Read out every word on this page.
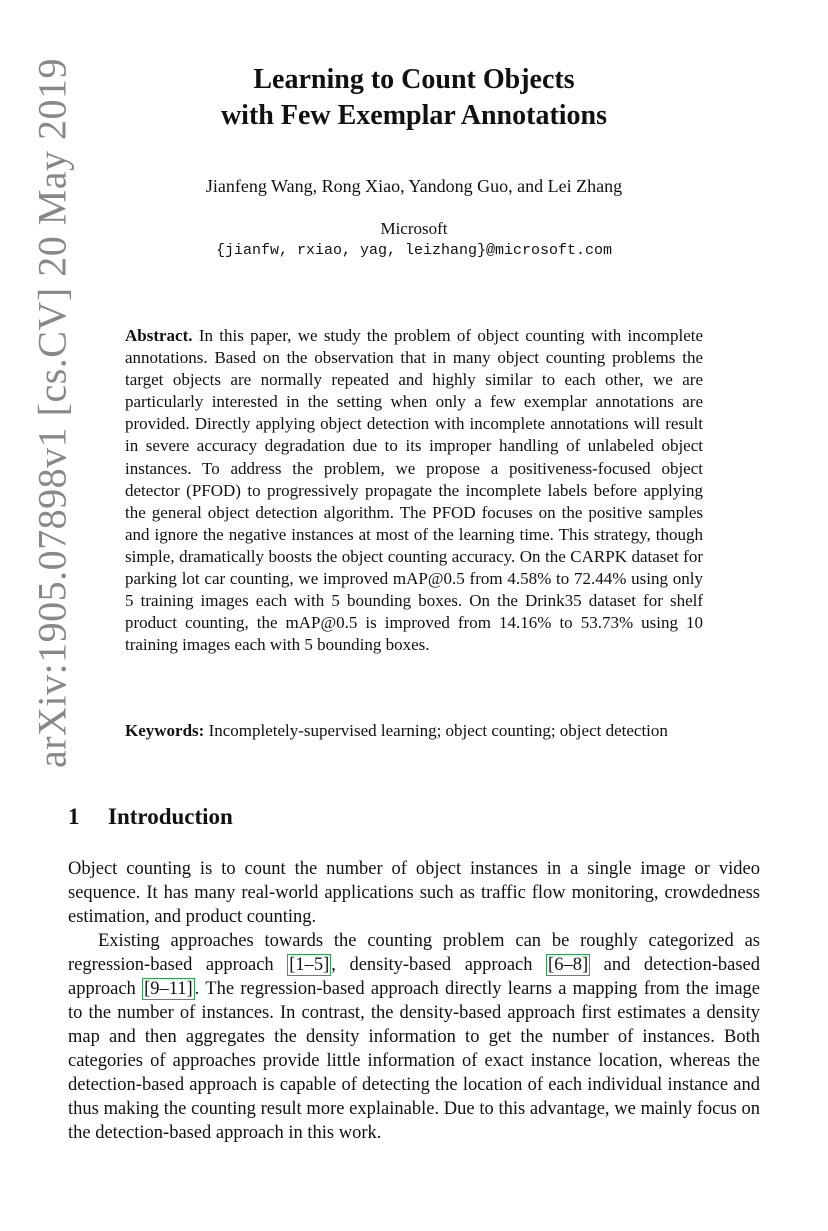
arXiv:1905.07898v1 [cs.CV] 20 May 2019	Learning to Count Objects
with Few Exemplar Annotations
Jianfeng Wang, Rong Xiao, Yandong Guo, and Lei Zhang
Microsoft
{jianfw, rxiao, yag, leizhang}@microsoft.com
Abstract. In this paper, we study the problem of object counting with incomplete annotations. Based on the observation that in many object counting problems the target objects are normally repeated and highly similar to each other, we are particularly interested in the setting when only a few exemplar annotations are provided. Directly applying object detection with incomplete annotations will result in severe accuracy degradation due to its improper handling of unlabeled object instances. To address the problem, we propose a positiveness-focused object detector (PFOD) to progressively propagate the incomplete labels before applying the general object detection algorithm. The PFOD focuses on the positive samples and ignore the negative instances at most of the learning time. This strategy, though simple, dramatically boosts the object counting accuracy. On the CARPK dataset for parking lot car counting, we improved mAP@0.5 from 4.58% to 72.44% using only 5 training images each with 5 bounding boxes. On the Drink35 dataset for shelf product counting, the mAP@0.5 is improved from 14.16% to 53.73% using 10 training images each with 5 bounding boxes.
Keywords: Incompletely-supervised learning; object counting; object detection
1 Introduction

Object counting is to count the number of object instances in a single image or video sequence. It has many real-world applications such as traffic flow monitoring, crowdedness estimation, and product counting.

Existing approaches towards the counting problem can be roughly categorized as regression-based approach [1–5] , density-based approach [6–8] and detection-based approach [9–11] . The regression-based approach directly learns a mapping from the image to the number of instances. In contrast, the density-based approach first estimates a density map and then aggregates the density information to get the number of instances. Both categories of approaches provide little information of exact instance location, whereas the detection-based approach is capable of detecting the location of each individual instance and thus making the counting result more explainable. Due to this advantage, we mainly focus on the detection-based approach in this work.
